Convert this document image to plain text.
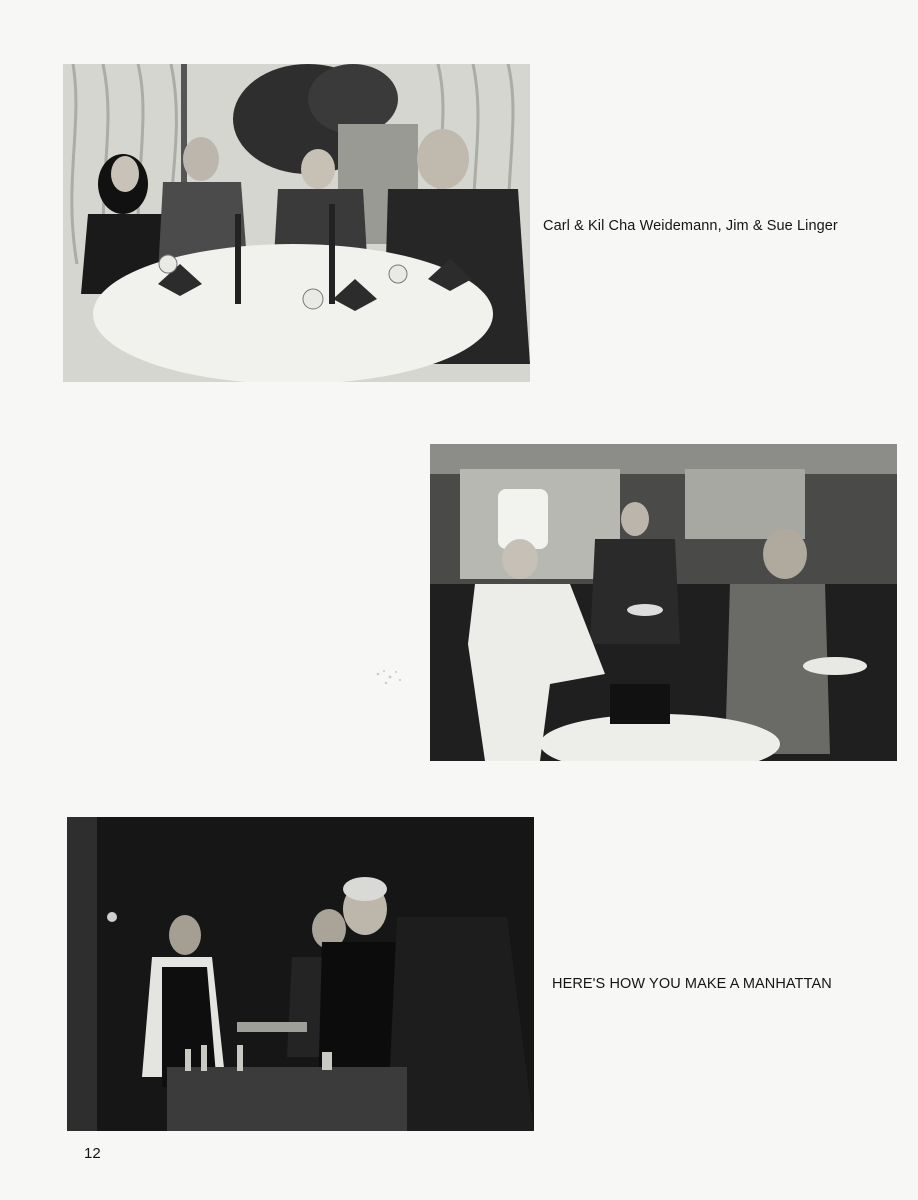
Carl & Kil Cha Weidemann, Jim & Sue Linger
HERE'S HOW YOU MAKE A MANHATTAN
12
